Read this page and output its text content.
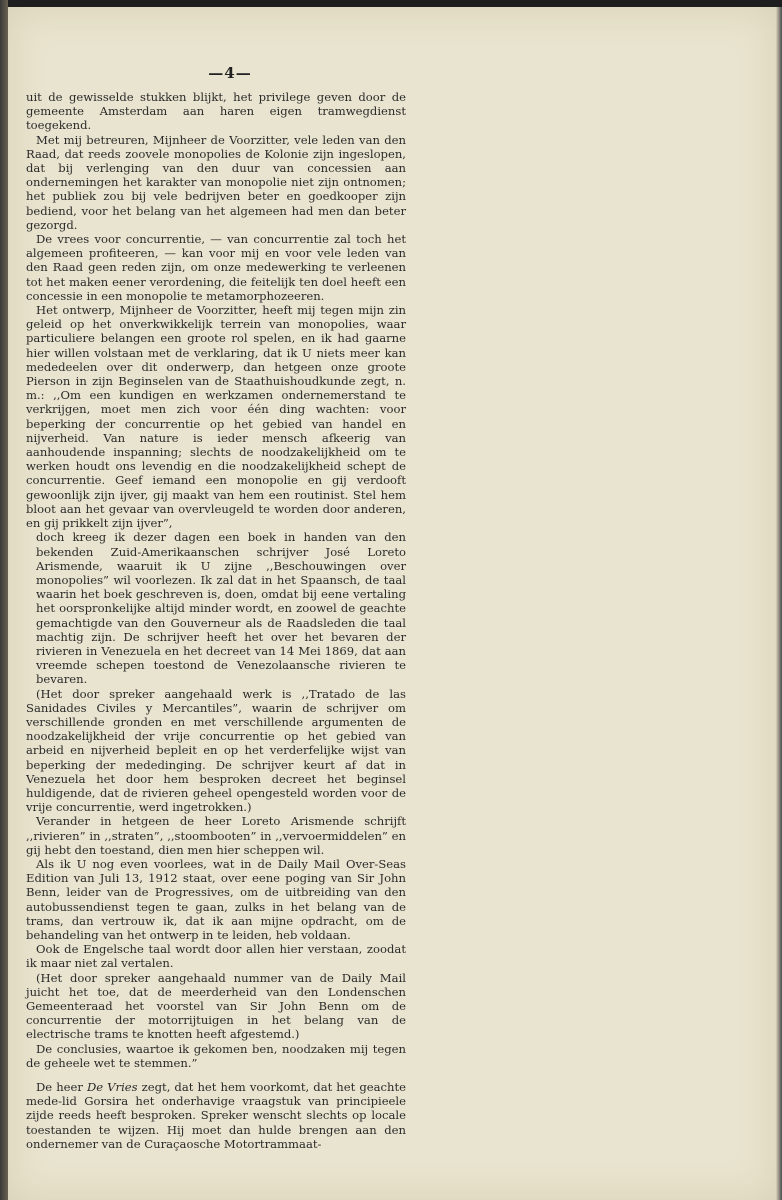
—4—

uit de gewisselde stukken blijkt, het privilege geven door de gemeente Amsterdam aan haren eigen tramwegdienst toegekend.

Met mij betreuren, Mijnheer de Voorzitter, vele leden van den Raad, dat reeds zoovele monopolies de Kolonie zijn ingeslopen, dat bij verlenging van den duur van concessien aan ondernemingen het karakter van monopolie niet zijn ontnomen; het publiek zou bij vele bedrijven beter en goedkooper zijn bediend, voor het belang van het algemeen had men dan beter gezorgd.

De vrees voor concurrentie, — van concurrentie zal toch het algemeen profiteeren, — kan voor mij en voor vele leden van den Raad geen reden zijn, om onze medewerking te verleenen tot het maken eener verordening, die feitelijk ten doel heeft een concessie in een monopolie te metamorphozeeren.

Het ontwerp, Mijnheer de Voorzitter, heeft mij tegen mijn zin geleid op het onverkwikkelijk terrein van monopolies, waar particuliere belangen een groote rol spelen, en ik had gaarne hier willen volstaan met de verklaring, dat ik U niets meer kan mededeelen over dit onderwerp, dan hetgeen onze groote Pierson in zijn Beginselen van de Staathuishoudkunde zegt, n. m.: ,,Om een kundigen en werkzamen ondernemerstand te verkrijgen, moet men zich voor één ding wachten: voor beperking der concurrentie op het gebied van handel en nijverheid. Van nature is ieder mensch afkeerig van aanhoudende inspanning; slechts de noodzakelijkheid om te werken houdt ons levendig en die noodzakelijkheid schept de concurrentie. Geef iemand een monopolie en gij verdooft gewoonlijk zijn ijver, gij maakt van hem een routinist. Stel hem bloot aan het gevaar van overvleugeld te worden door anderen, en gij prikkelt zijn ijver”,

doch kreeg ik dezer dagen een boek in handen van den bekenden Zuid-Amerikaanschen schrijver José Loreto Arismende, waaruit ik U zijne ,,Beschouwingen over monopolies” wil voorlezen. Ik zal dat in het Spaansch, de taal waarin het boek geschreven is, doen, omdat bij eene vertaling het oorspronkelijke altijd minder wordt, en zoowel de geachte gemachtigde van den Gouverneur als de Raadsleden die taal machtig zijn. De schrijver heeft het over het bevaren der rivieren in Venezuela en het decreet van 14 Mei 1869, dat aan vreemde schepen toestond de Venezolaansche rivieren te bevaren.

(Het door spreker aangehaald werk is ,,Tratado de las Sanidades Civiles y Mercantiles”, waarin de schrijver om verschillende gronden en met verschillende argumenten de noodzakelijkheid der vrije concurrentie op het gebied van arbeid en nijverheid bepleit en op het verderfelijke wijst van beperking der mededinging. De schrijver keurt af dat in Venezuela het door hem besproken decreet het beginsel huldigende, dat de rivieren geheel opengesteld worden voor de vrije concurrentie, werd ingetrokken.)

Verander in hetgeen de heer Loreto Arismende schrijft ,,rivieren” in ,,straten”, ,,stoombooten” in ,,vervoermiddelen” en gij hebt den toestand, dien men hier scheppen wil.

Als ik U nog even voorlees, wat in de Daily Mail Over-Seas Edition van Juli 13, 1912 staat, over eene poging van Sir John Benn, leider van de Progressives, om de uitbreiding van den autobussendienst tegen te gaan, zulks in het belang van de trams, dan vertrouw ik, dat ik aan mijne opdracht, om de behandeling van het ontwerp in te leiden, heb voldaan.

Ook de Engelsche taal wordt door allen hier verstaan, zoodat ik maar niet zal vertalen.

(Het door spreker aangehaald nummer van de Daily Mail juicht het toe, dat de meerderheid van den Londenschen Gemeenteraad het voorstel van Sir John Benn om de concurrentie der motorrijtuigen in het belang van de electrische trams te knotten heeft afgestemd.)

De conclusies, waartoe ik gekomen ben, noodzaken mij tegen de geheele wet te stemmen.”

De heer De Vries zegt, dat het hem voorkomt, dat het geachte mede-lid Gorsira het onderhavige vraagstuk van principieele zijde reeds heeft besproken. Spreker wenscht slechts op locale toestanden te wijzen. Hij moet dan hulde brengen aan den ondernemer van de Curaçaosche Motortrammaat-
